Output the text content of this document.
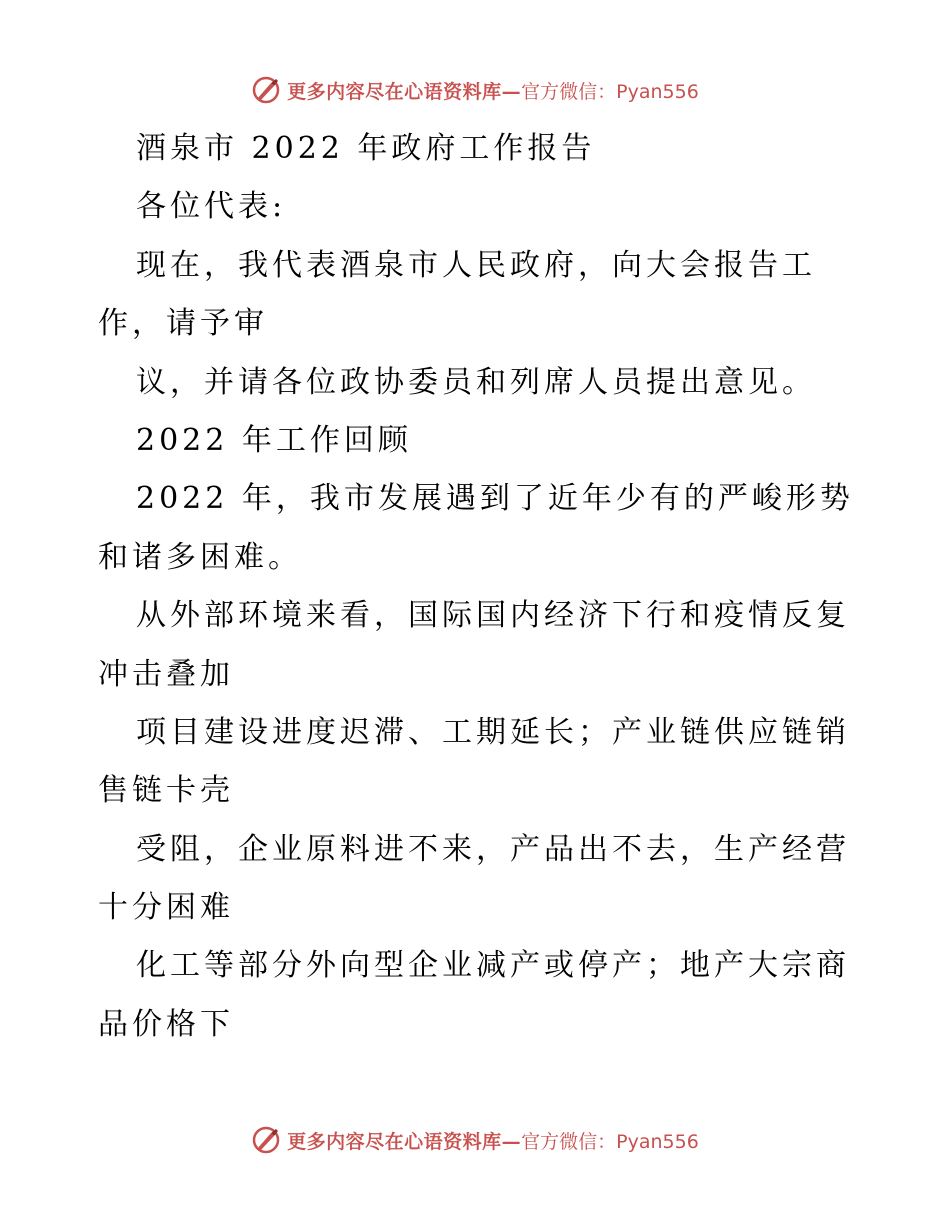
更多内容尽在心语资料库— 官方微信：Pyan556
酒泉市 2022 年政府工作报告
各位代表:
现在，我代表酒泉市人民政府，向大会报告工
作，请予审
议，并请各位政协委员和列席人员提出意见。
2022 年工作回顾
2022 年，我市发展遇到了近年少有的严峻形势
和诸多困难。
从外部环境来看，国际国内经济下行和疫情反复
冲击叠加
项目建设进度迟滞、工期延长；产业链供应链销
售链卡壳
受阻，企业原料进不来，产品出不去，生产经营
十分困难
化工等部分外向型企业减产或停产；地产大宗商
品价格下
更多内容尽在心语资料库— 官方微信：Pyan556
